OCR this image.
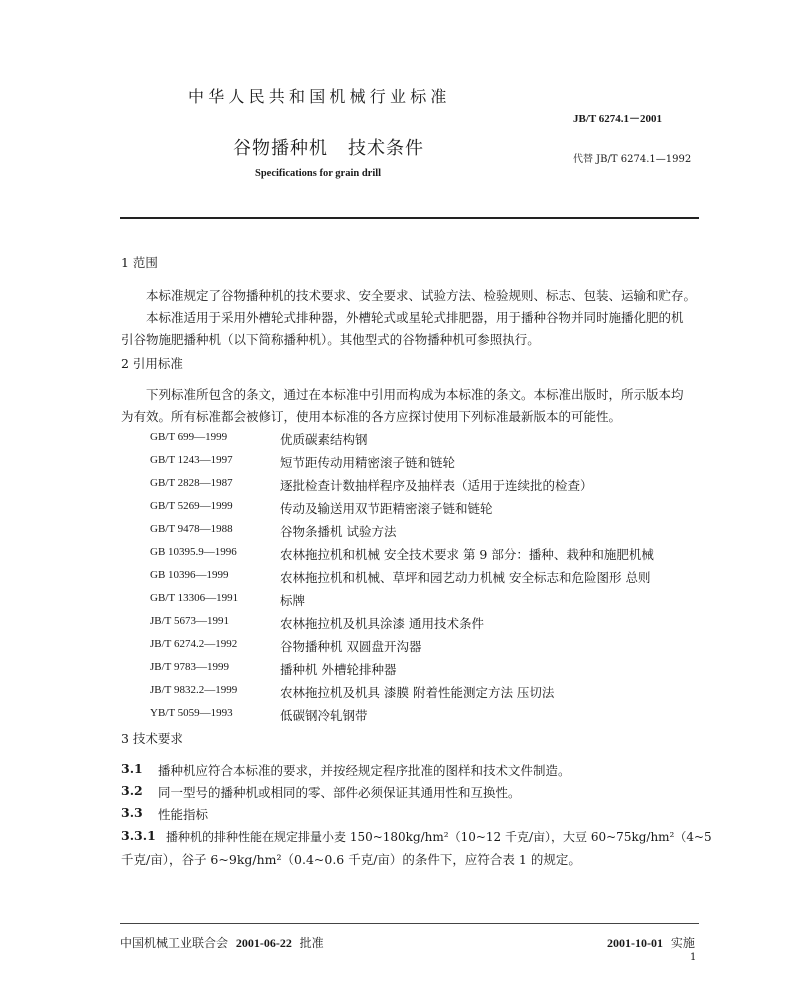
中华人民共和国机械行业标准
JB/T 6274.1－2001
谷物播种机 技术条件
代替 JB/T 6274.1—1992
Specifications for grain drill
1 范围
本标准规定了谷物播种机的技术要求、安全要求、试验方法、检验规则、标志、包装、运输和贮存。
本标准适用于采用外槽轮式排种器，外槽轮式或星轮式排肥器，用于播种谷物并同时施播化肥的机
引谷物施肥播种机（以下简称播种机）。其他型式的谷物播种机可参照执行。
2 引用标准
下列标准所包含的条文，通过在本标准中引用而构成为本标准的条文。本标准出版时，所示版本均
为有效。所有标准都会被修订，使用本标准的各方应探讨使用下列标准最新版本的可能性。
GB/T 699—1999	优质碳素结构钢
GB/T 1243—1997	短节距传动用精密滚子链和链轮
GB/T 2828—1987	逐批检查计数抽样程序及抽样表（适用于连续批的检查）
GB/T 5269—1999	传动及输送用双节距精密滚子链和链轮
GB/T 9478—1988	谷物条播机 试验方法
GB 10395.9—1996	农林拖拉机和机械 安全技术要求 第 9 部分：播种、栽种和施肥机械
GB 10396—1999	农林拖拉机和机械、草坪和园艺动力机械 安全标志和危险图形 总则
GB/T 13306—1991	标牌
JB/T 5673—1991	农林拖拉机及机具涂漆 通用技术条件
JB/T 6274.2—1992	谷物播种机 双圆盘开沟器
JB/T 9783—1999	播种机 外槽轮排种器
JB/T 9832.2—1999	农林拖拉机及机具 漆膜 附着性能测定方法 压切法
YB/T 5059—1993	低碳钢冷轧钢带
3 技术要求
3.1 播种机应符合本标准的要求，并按经规定程序批准的图样和技术文件制造。
3.2 同一型号的播种机或相同的零、部件必须保证其通用性和互换性。
3.3 性能指标
3.3.1 播种机的排种性能在规定排量小麦 150~180kg/hm²（10~12 千克/亩），大豆 60~75kg/hm²（4~5
千克/亩），谷子 6~9kg/hm²（0.4~0.6 千克/亩）的条件下，应符合表 1 的规定。
中国机械工业联合会 2001-06-22 批准	2001-10-01 实施
1
